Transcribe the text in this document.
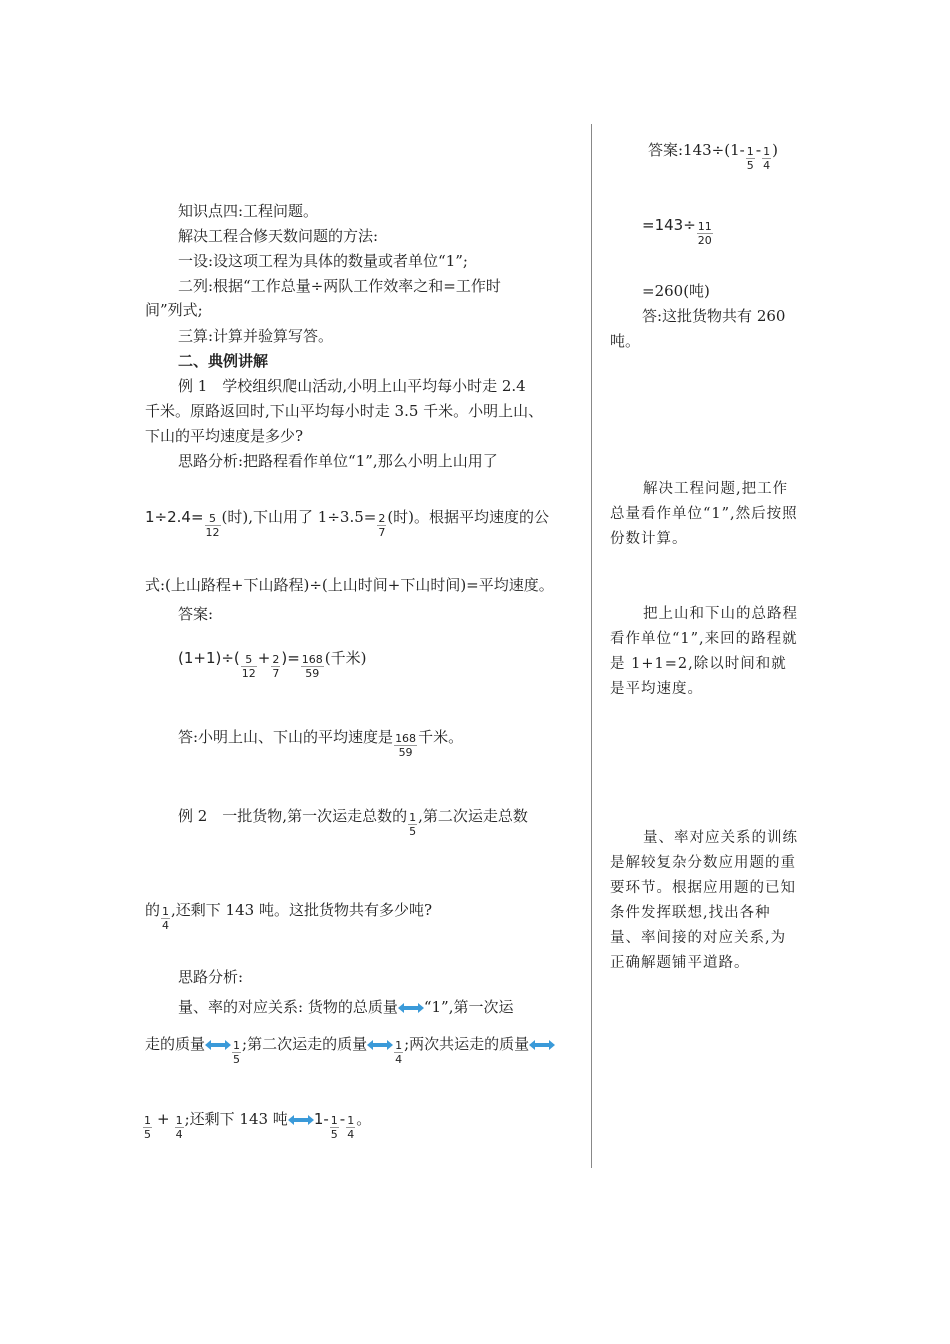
知识点四:工程问题。
解决工程合修天数问题的方法:
一设:设这项工程为具体的数量或者单位“1”;
二列:根据“工作总量÷两队工作效率之和=工作时
间”列式;
三算:计算并验算写答。
二、典例讲解
例 1　学校组织爬山活动,小明上山平均每小时走 2.4
千米。原路返回时,下山平均每小时走 3.5 千米。小明上山、
下山的平均速度是多少?
思路分析:把路程看作单位“1”,那么小明上山用了
$1\div 2.4= \frac{5}{12}$ (时),下山用了 $1\div 3.5= \frac{2}{7}$ (时)。根据平均速度的公
式:(上山路程+下山路程)÷(上山时间+下山时间)=平均速度。
答案:
$(1+1)\div( \frac{5}{12} + \frac{2}{7}$ )= $\frac{168}{59}$ (千米)
答:小明上山、下山的平均速度是 $\frac{168}{59}$ 千米。
例 2　一批货物,第一次运走总数的 $\frac{1}{5}$ ,第二次运走总数
的 $\frac{1}{4}$ ,还剩下 143 吨。这批货物共有多少吨?
思路分析:
量、率的对应关系: 货物的总质量 “1”,第一次运
走的质量 $\frac{1}{5}$ ;第二次运走的质量 $\frac{1}{4}$ ;两次共运走的质量
$\frac{1}{5} + \frac{1}{4}$ ;还剩下 143 吨 $1- \frac{1}{5} - \frac{1}{4}$ 。
答案:143÷(1- $\frac{1}{5} - \frac{1}{4}$ )
$=143\div \frac{11}{20}$
=260(吨)
答:这批货物共有 260
吨。
解决工程问题,把工作总量看作单位“1”,然后按照份数计算。
把上山和下山的总路程看作单位“1”,来回的路程就是 1+1=2,除以时间和就是平均速度。
量、率对应关系的训练是解较复杂分数应用题的重要环节。根据应用题的已知条件发挥联想,找出各种量、率间接的对应关系,为正确解题铺平道路。
